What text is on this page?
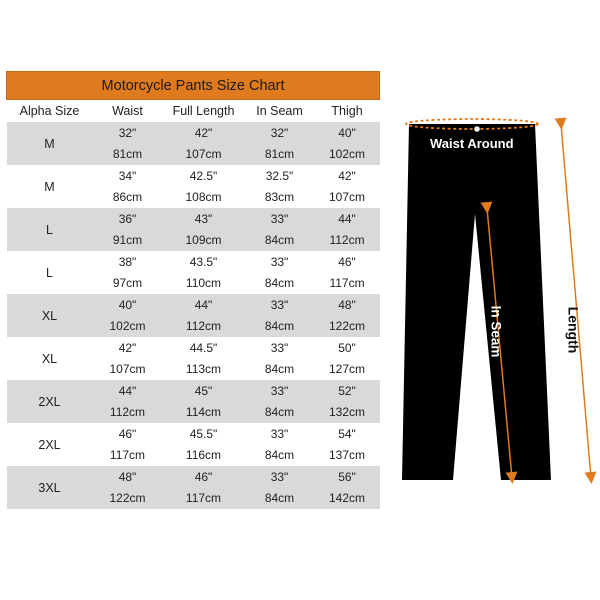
Motorcycle Pants Size Chart				
Alpha Size	Waist	Full Length	In Seam	Thigh
M	32"	42"	32"	40"
	81cm	107cm	81cm	102cm
M	34"	42.5"	32.5"	42"
	86cm	108cm	83cm	107cm
L	36"	43"	33"	44"
	91cm	109cm	84cm	112cm
L	38"	43.5"	33"	46"
	97cm	110cm	84cm	117cm
XL	40"	44"	33"	48"
	102cm	112cm	84cm	122cm
XL	42"	44.5"	33"	50"
	107cm	113cm	84cm	127cm
2XL	44"	45"	33"	52"
	112cm	114cm	84cm	132cm
2XL	46"	45.5"	33"	54"
	117cm	116cm	84cm	137cm
3XL	48"	46"	33"	56"
	122cm	117cm	84cm	142cm
Waist Around
In Seam	Length
